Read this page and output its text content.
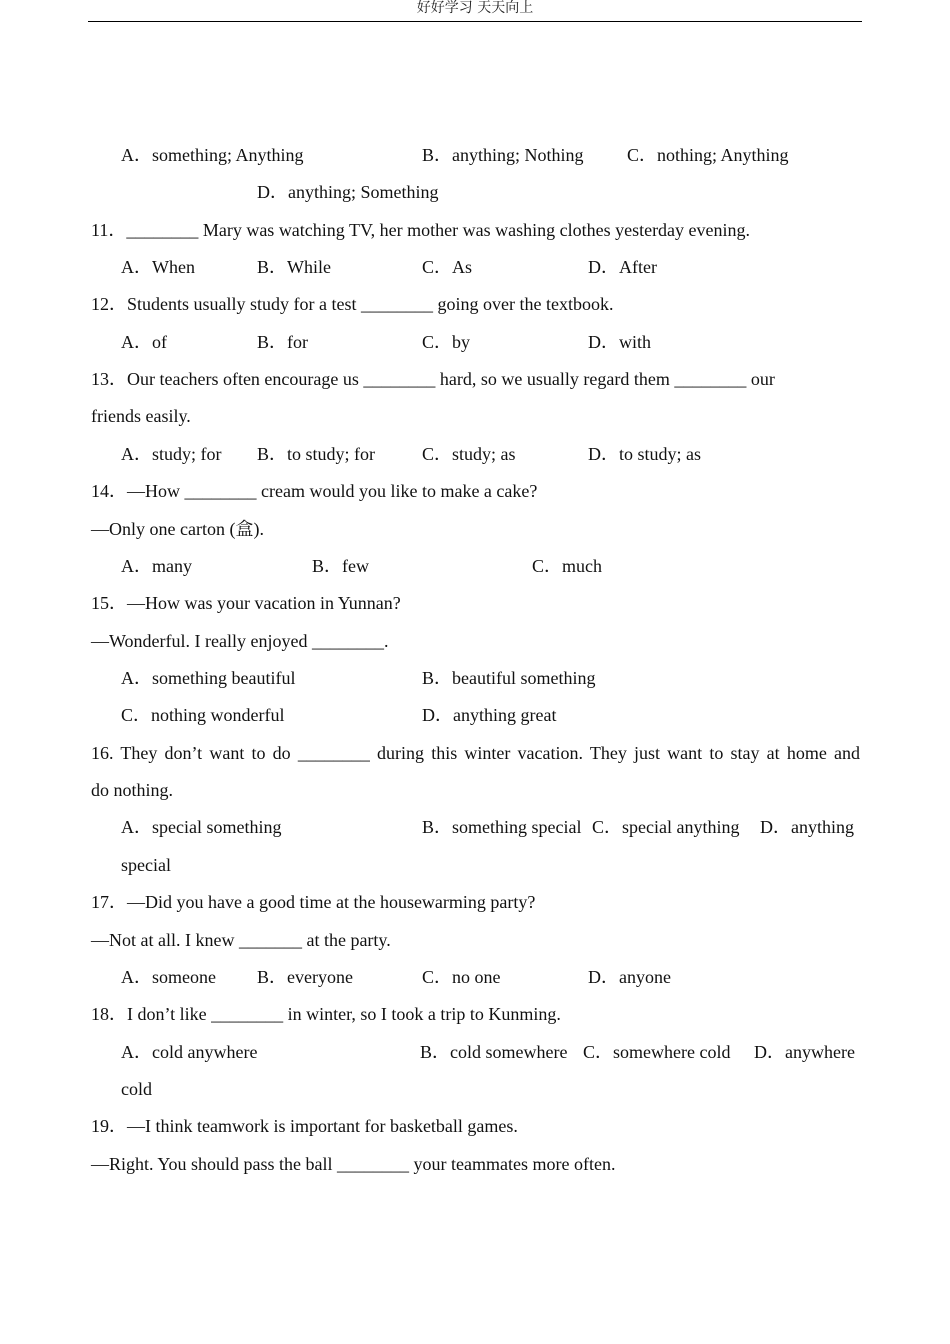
好好学习 天天向上
A．something; Anything	B．anything; Nothing C．nothing; Anything
D．anything; Something
11．________ Mary was watching TV, her mother was washing clothes yesterday evening.
A．When	B．While	C．As	D．After
12．Students usually study for a test ________ going over the textbook.
A．of	B．for	C．by	D．with
13．Our teachers often encourage us ________ hard, so we usually regard them ________ our
friends easily.
A．study; for B．to study; for	C．study; as	D．to study; as
14．—How ________ cream would you like to make a cake?
—Only one carton (盒).
A．many	B．few	C．much
15．—How was your vacation in Yunnan?
—Wonderful. I really enjoyed ________.
A．something beautiful	B．beautiful something
C．nothing wonderful	D．anything great
16. They don’t want to do ________ during this winter vacation. They just want to stay at home and
do nothing.
A．special something	B．something special C．special anything D．anything
special
17．—Did you have a good time at the housewarming party?
—Not at all. I knew _______ at the party.
A．someone B．everyone	C．no one	D．anyone
18．I don’t like ________ in winter, so I took a trip to Kunming.
A．cold anywhere	B．cold somewhere C．somewhere cold D．anywhere
cold
19．—I think teamwork is important for basketball games.
—Right. You should pass the ball ________ your teammates more often.
